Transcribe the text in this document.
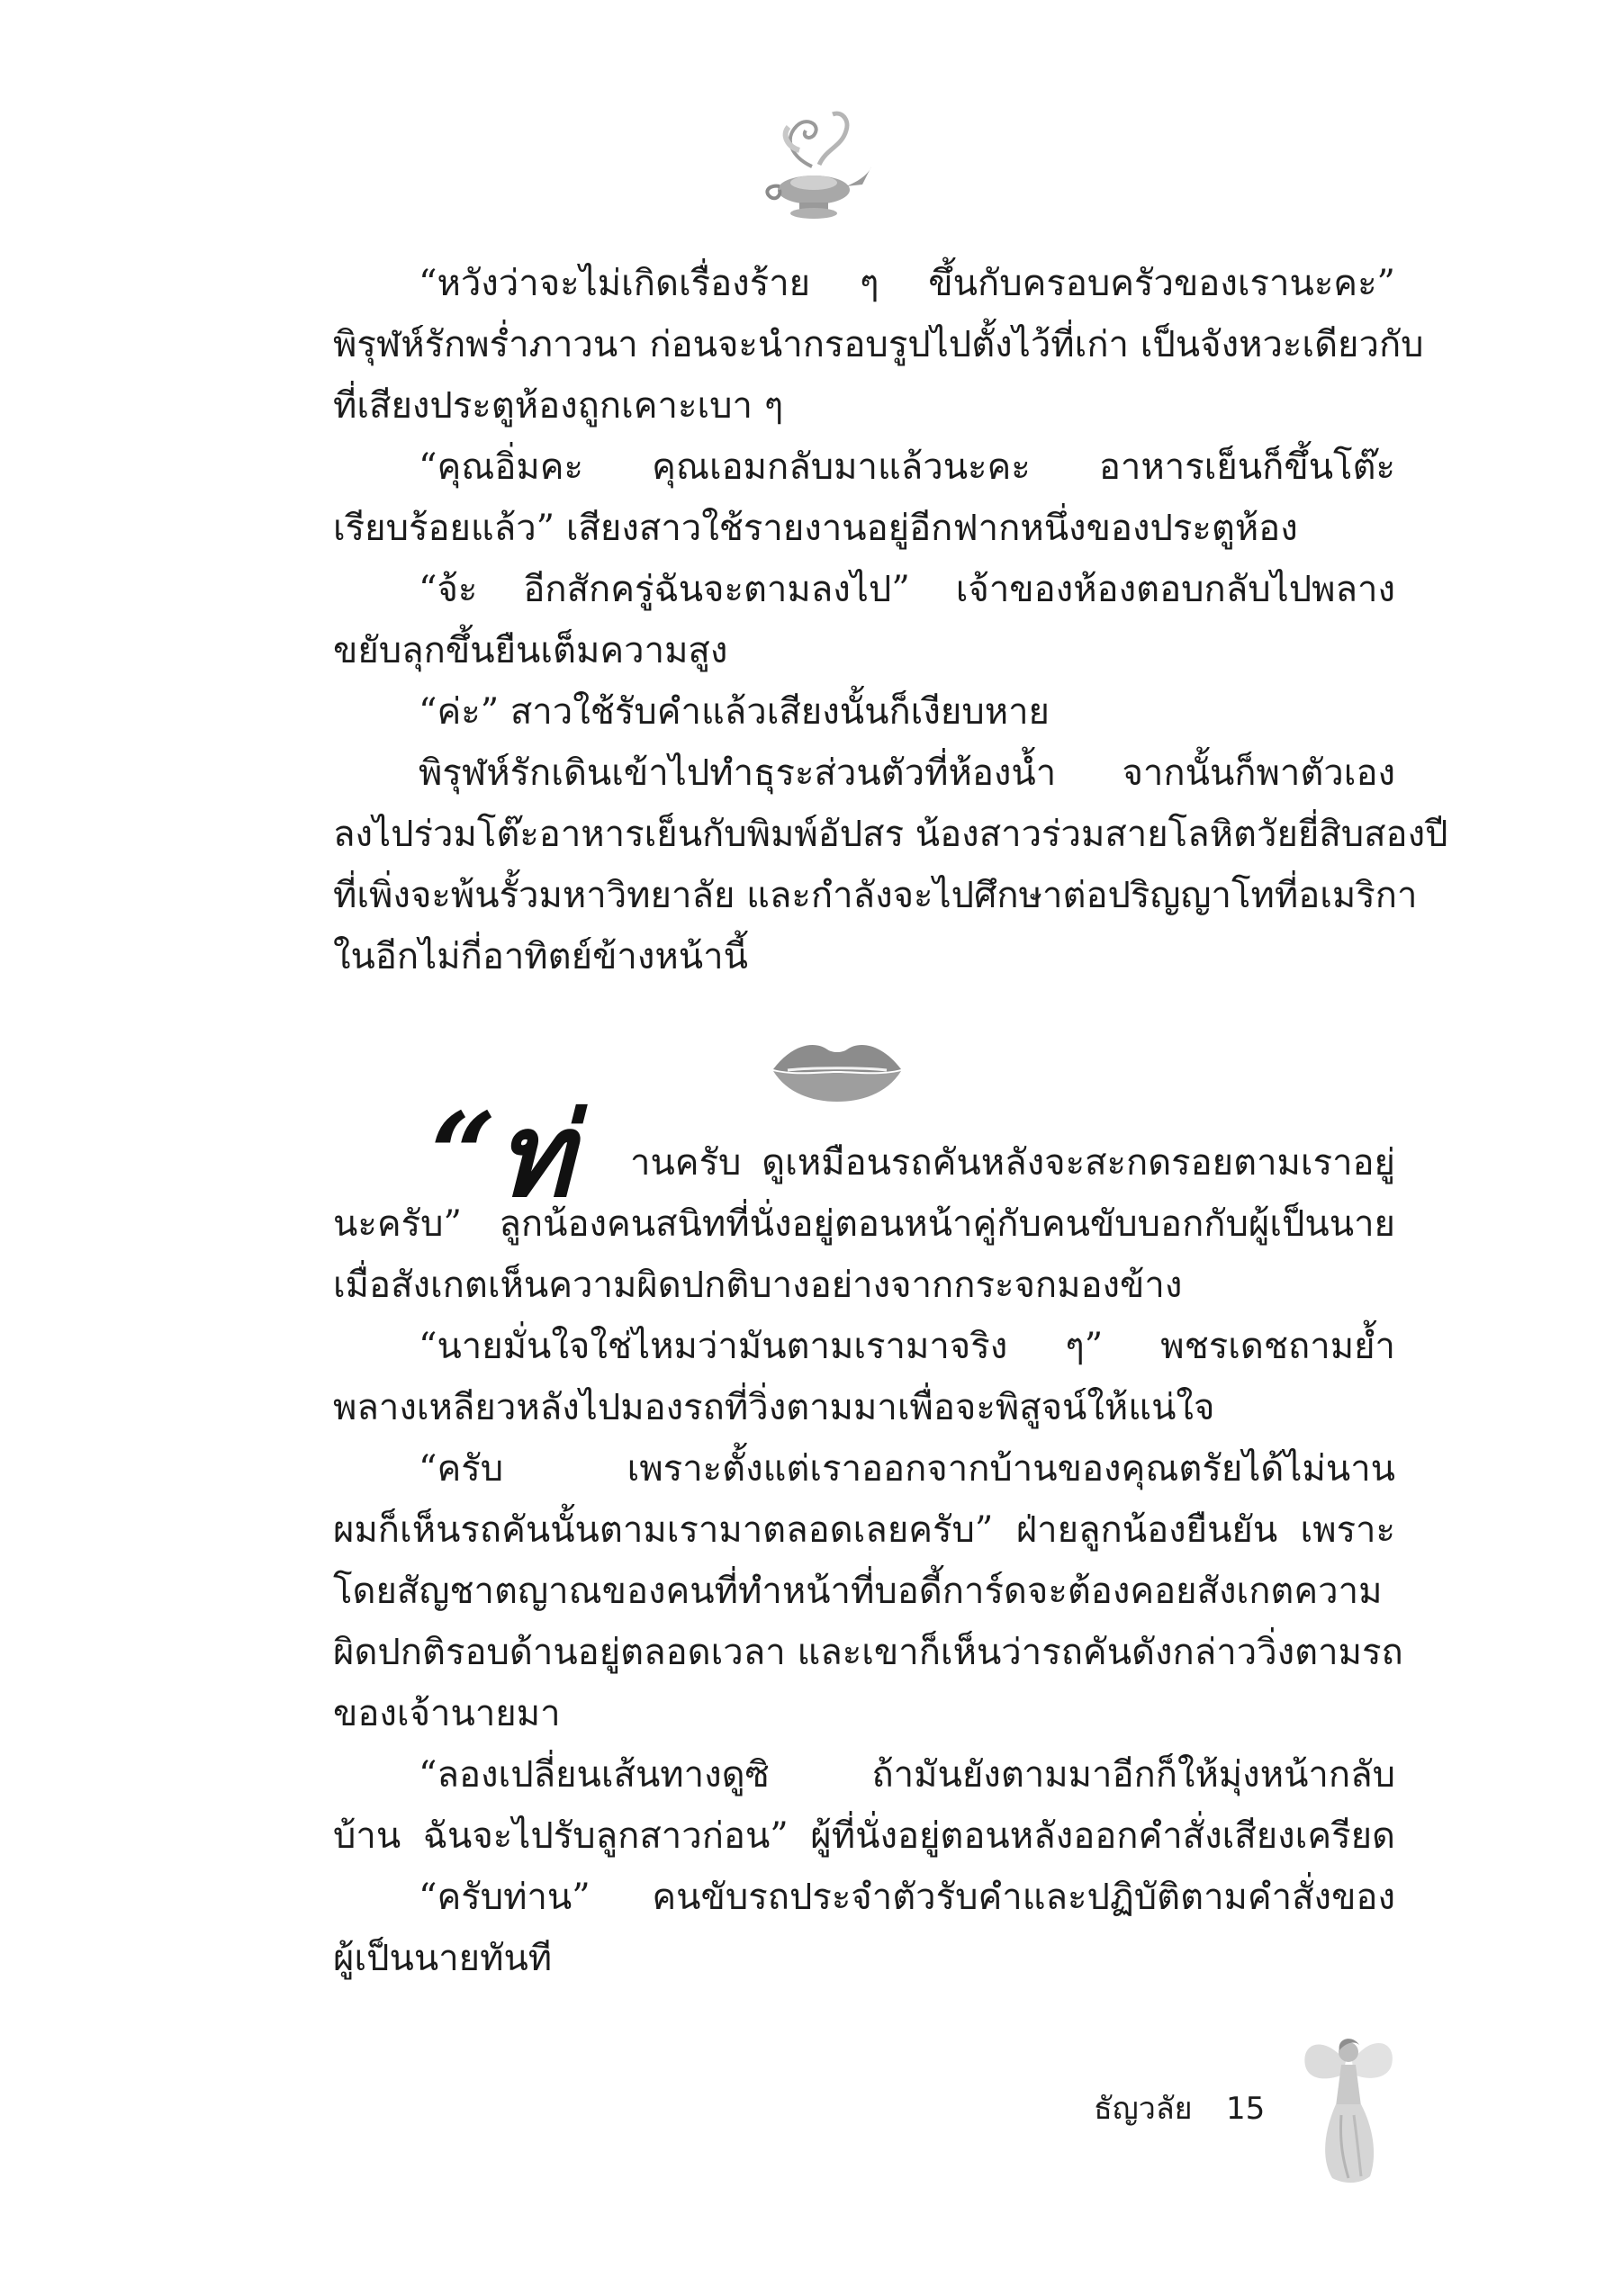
“หวังว่าจะไม่เกิดเรื่องร้าย ๆ ขึ้นกับครอบครัวของเรานะคะ”
พิรุฬห์รักพร่ำภาวนา ก่อนจะนำกรอบรูปไปตั้งไว้ที่เก่า เป็นจังหวะเดียวกับ
ที่เสียงประตูห้องถูกเคาะเบา ๆ
“คุณอิ่มคะ คุณเอมกลับมาแล้วนะคะ อาหารเย็นก็ขึ้นโต๊ะ
เรียบร้อยแล้ว” เสียงสาวใช้รายงานอยู่อีกฟากหนึ่งของประตูห้อง
“จ้ะ อีกสักครู่ฉันจะตามลงไป” เจ้าของห้องตอบกลับไปพลาง
ขยับลุกขึ้นยืนเต็มความสูง
“ค่ะ” สาวใช้รับคำแล้วเสียงนั้นก็เงียบหาย
พิรุฬห์รักเดินเข้าไปทำธุระส่วนตัวที่ห้องน้ำ จากนั้นก็พาตัวเอง
ลงไปร่วมโต๊ะอาหารเย็นกับพิมพ์อัปสร น้องสาวร่วมสายโลหิตวัยยี่สิบสองปี
ที่เพิ่งจะพ้นรั้วมหาวิทยาลัย และกำลังจะไปศึกษาต่อปริญญาโทที่อเมริกา
ในอีกไม่กี่อาทิตย์ข้างหน้านี้
“ท่ านครับ ดูเหมือนรถคันหลังจะสะกดรอยตามเราอยู่
นะครับ” ลูกน้องคนสนิทที่นั่งอยู่ตอนหน้าคู่กับคนขับบอกกับผู้เป็นนาย
เมื่อสังเกตเห็นความผิดปกติบางอย่างจากกระจกมองข้าง
“นายมั่นใจใช่ไหมว่ามันตามเรามาจริง ๆ” พชรเดชถามย้ำ
พลางเหลียวหลังไปมองรถที่วิ่งตามมาเพื่อจะพิสูจน์ให้แน่ใจ
“ครับ เพราะตั้งแต่เราออกจากบ้านของคุณตรัยได้ไม่นาน
ผมก็เห็นรถคันนั้นตามเรามาตลอดเลยครับ” ฝ่ายลูกน้องยืนยัน เพราะ
โดยสัญชาตญาณของคนที่ทำหน้าที่บอดี้การ์ดจะต้องคอยสังเกตความ
ผิดปกติรอบด้านอยู่ตลอดเวลา และเขาก็เห็นว่ารถคันดังกล่าววิ่งตามรถ
ของเจ้านายมา
“ลองเปลี่ยนเส้นทางดูซิ ถ้ามันยังตามมาอีกก็ให้มุ่งหน้ากลับ
บ้าน ฉันจะไปรับลูกสาวก่อน” ผู้ที่นั่งอยู่ตอนหลังออกคำสั่งเสียงเครียด
“ครับท่าน” คนขับรถประจำตัวรับคำและปฏิบัติตามคำสั่งของ
ผู้เป็นนายทันที
ธัญวลัย 15
